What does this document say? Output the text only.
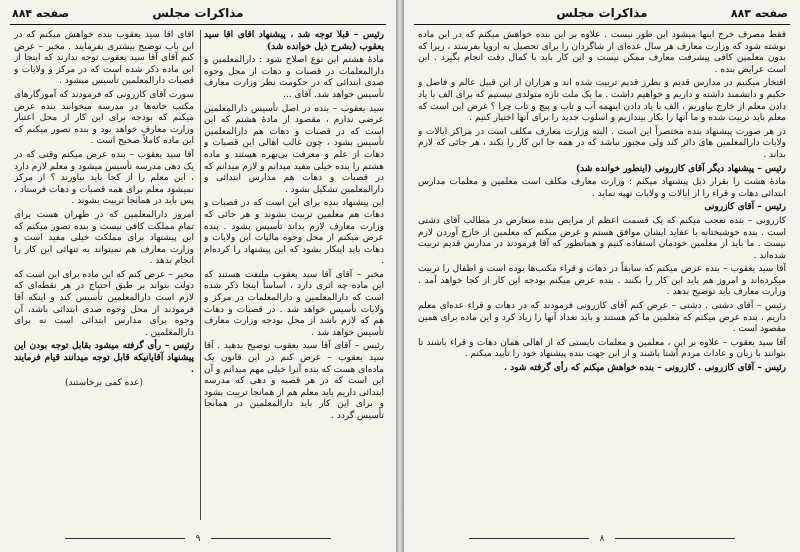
صفحه ۸۸۴	مذاکرات مجلس

رئیس – قبلاً توجه شد ، پیشنهاد آقای آقا سید یعقوب (بشرح ذیل خوانده شد)

مادهٔ هشتم این نوع اصلاح شود : دارالمعلمین و دارالمعلمات در قصبات و دهات از محل وجوه صدی ابتدائی که در حکومت نظر وزارت معارف تأسیس خواهد شد. آقای ...

سید یعقوب – بنده در اصل تأسیس دارالمعلمین عرضی ندارم ، مقصود از مادهٔ هشتم که این است که در قصبات و دهات هم دارالمعلمین تأسیس بشود ، چون غالب اهالی این قصبات و دهات از علم و معرفت بی‌بهره هستند و ماده هشتم را بنده خیلی مفید میدانم و لازم میدانم که در قصبات و دهات هم مدارس ابتدائی و دارالمعلمین تشکیل بشود .

این پیشنهاد بنده برای این است که در قصبات و دهات هم معلمین تربیت بشوند و هر جائی که وزارت معارف لازم بداند تأسیس بشود . بنده عرض میکنم از محل وجوه مالیات این ولایات و دهات باید اینکار بشود که این پیشنهاد را کرده‌ام .

مخبر – آقای آقا سید یعقوب ملتفت هستند که این ماده چه اثری دارد ، اساساً اینجا ذکر شده است که دارالمعلمین و دارالمعلمات در مرکز و ولایات تأسیس خواهد شد . در قصبات و دهات هم که لازم باشد از محل بودجه وزارت معارف تأسیس خواهد شد .

رئیس – آقای آقا سید یعقوب توضیح بدهید . آقا سید یعقوب – عرض کنم در این قانون یک ماده‌ای هست که بنده آنرا خیلی مهم میدانم و آن این است که در هر قصبه و دهی که مدرسه ابتدائی داریم باید معلم هم از همانجا تربیت بشود و برای این کار باید دارالمعلمین در همانجا تأسیس گردد .

آقای آقا سید یعقوب بنده خواهش میکنم که در این باب توضیح بیشتری بفرمایند . مخبر – عرض کنم آقای آقا سید یعقوب توجه ندارند که اینجا از این ماده ذکر شده است که در مرکز و ولایات و قصبات دارالمعلمین تأسیس میشود .

سورت آقای کازرونی که فرمودند که آموزگارهای مکتب خانه‌ها در مدرسه میخوانند بنده عرض میکنم که بودجه برای این کار از محل اعتبار وزارت معارف خواهد بود و بنده تصور میکنم که این ماده کاملاً صحیح است .

آقا سید یعقوب – بنده عرض میکنم وقتی که در یک دهی مدرسه تأسیس میشود و معلم لازم دارد ، این معلم را از کجا باید بیاورند ؟ از مرکز نمیشود معلم برای همه قصبات و دهات فرستاد ، پس باید در همانجا تربیت بشوند .

امروز دارالمعلمین که در طهران هست برای تمام مملکت کافی نیست و بنده تصور میکنم که این پیشنهاد برای مملکت خیلی مفید است و وزارت معارف هم نمیتواند به تنهائی این کار را انجام بدهد .

مخبر – عرض کنم که این ماده برای این است که دولت بتواند بر طبق احتیاج در هر نقطه‌ای که لازم است دارالمعلمین تأسیس کند و اینکه آقا فرمودند از محل وجوه صدی ابتدائی باشد، آن وجوه برای مدارس ابتدائی است نه برای دارالمعلمین .

رئیس – رأی گرفته میشود بقابل توجه بودن این پیشنهاد آقایانیکه قابل توجه میدانند قیام فرمایند .

(عده کمی برخاستند)

۹
صفحه ۸۸۳
مذاکرات مجلس

فقط مصرف خرج اینها میشود این طور نیست . علاوه بر این بنده خواهش میکنم که در این ماده نوشته شود که وزارت معارف هر سال عده‌ای از شاگردان را برای تحصیل به اروپا بفرستد ، زیرا که بدون معلمین کافی پیشرفت معارف ممکن نیست و این کار باید با کمال دقت انجام بگیرد . این است عرایض بنده .

افتخار میکنیم در مدارس قدیم و بطرز قدیم تربیت شده اند و هزاران از این قبیل عالم و فاضل و حکیم و دانشمند داشته و داریم و خواهیم داشت . ما یک ملت تازه متولدی نیستیم که برای الف با یاد دادن معلم از خارج بیاوریم ، الف با یاد دادن اینهمه آب و تاب و پیچ و تاب چرا ؟ غرض این است که معلم باید تربیت شده و ما آنها را بکار بیندازیم و اسلوب جدید را برای آنها اختیار کنیم .

در هر صورت پیشنهاد بنده مختصراً این است . البته وزارت معارف مکلف است در مراکز ایالات و ولایات دارالمعلمین های دائر کند ولی مجبور نباشد که در همه جا این کار را بکند ، هر جائی که لازم بداند .

رئیس – پیشنهاد دیگر آقای کازرونی (اینطور خوانده شد)

مادهٔ هشت را بقرار ذیل پیشنهاد میکنم : وزارت معارف مکلف است معلمین و معلمات مدارس ابتدائی دهات و قراء را از ایالات و ولایات تهیه نماید .

رئیس – آقای کازرونی

کازرونی – بنده تعجب میکنم که یک قسمت اعظم از مرایض بنده متعارض در مطالب آقای دشتی است . بنده خوشبختانه با عقاید ایشان موافق هستم و عرض میکنم که معلمین از خارج آوردن لازم نیست . ما باید از معلمین خودمان استفاده کنیم و همانطور که آقا فرمودند در مدارس قدیم تربیت شده‌اند .

آقا سید یعقوب – بنده عرض میکنم که سابقاً در دهات و قراء مکتب‌ها بوده است و اطفال را تربیت میکرده‌اند و امروز هم باید این کار را بکنند . بنده عرض میکنم بودجه این کار از کجا خواهد آمد . وزارت معارف باید توضیح بدهد .

رئیس – آقای دشتی . دشتی – عرض کنم آقای کازرونی فرمودند که در دهات و قراء عده‌ای معلم داریم ، بنده عرض میکنم که معلمین ما کم هستند و باید تعداد آنها را زیاد کرد و این ماده برای همین مقصود است .

آقا سید یعقوب – علاوه بر این ، معلمین و معلمات بایستی که از اهالی همان دهات و قراء باشند تا بتوانند با زبان و عادات مردم آشنا باشند و از این جهت بنده پیشنهاد خود را تأیید میکنم .

رئیس – آقای کازرونی . کازرونی – بنده خواهش میکنم که رأی گرفته شود .

۸
